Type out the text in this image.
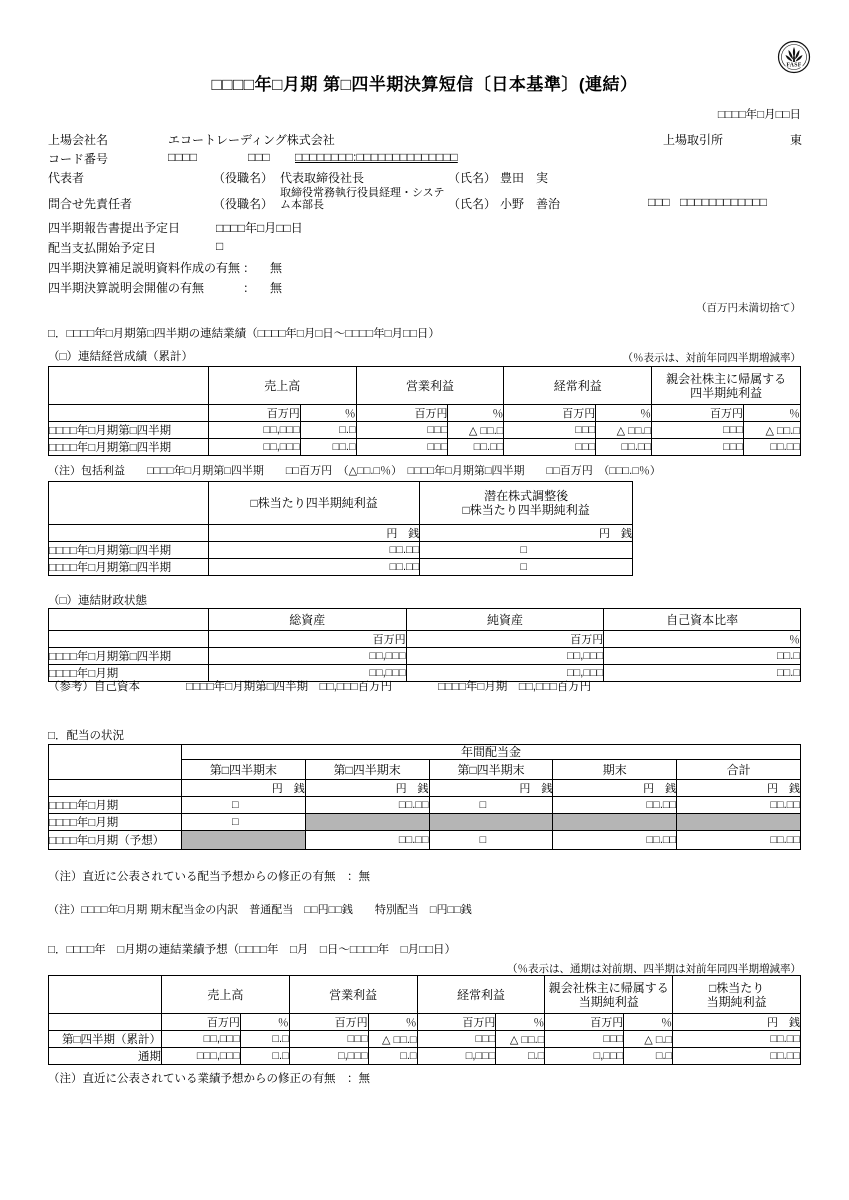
FASF
□□□□年□月期 第□四半期決算短信〔日本基準〕(連結）
□□□□年□月□□日
上場会社名	エコートレーディング株式会社	上場取引所	東
コード番号	□□□□	□□□ □□□□□□□□:□□□□□□□□□□□□□□
代表者	（役職名） 代表取締役社長	（氏名） 豊田　実
問合せ先責任者	（役職名）
取締役常務執行役員経理・システム本部長	（氏名） 小野　善治	□□□ □□□□□□□□□□□□
四半期報告書提出予定日	□□□□年□月□□日
配当支払開始予定日	□
四半期決算補足説明資料作成の有無 ： 無
四半期決算説明会開催の有無	： 無
（百万円未満切捨て）
□．□□□□年□月期第□四半期の連結業績（□□□□年□月□日～□□□□年□月□□日）
（□）連結経営成績（累計）	（％表示は、対前年同四半期増減率）
	売上高		営業利益		経常利益		親会社株主に帰属する
四半期純利益	

	百万円	％	百万円	％	百万円	％	百万円	％
□□□□年□月期第□四半期	□□,□□□	□.□	□□□	△ □□.□	□□□	△ □□.□	□□□	△ □□.□
□□□□年□月期第□四半期	□□,□□□	□□.□	□□□	□□.□□	□□□	□□.□□	□□□	□□.□□
（注）包括利益　　□□□□年□月期第□四半期　　□□百万円　（△□□.□％）　□□□□年□月期第□四半期　　□□百万円　（□□□.□％）
	□株当たり四半期純利益	潜在株式調整後
□株当たり四半期純利益

	円　銭	円　銭
□□□□年□月期第□四半期	□□.□□	□
□□□□年□月期第□四半期	□□.□□	□
（□）連結財政状態
	総資産	純資産	自己資本比率
	百万円	百万円	％
□□□□年□月期第□四半期	□□,□□□	□□,□□□	□□.□
□□□□年□月期	□□,□□□	□□,□□□	□□.□
（参考）自己資本　　　　□□□□年□月期第□四半期　□□,□□□百万円　　　　□□□□年□月期　□□,□□□百万円
□．配当の状況
	年間配当金				
	第□四半期末	第□四半期末	第□四半期末	期末	合計
	円　銭	円　銭	円　銭	円　銭	円　銭
□□□□年□月期	□	□□.□□	□	□□.□□	□□.□□
□□□□年□月期	□				
□□□□年□月期（予想）		□□.□□	□	□□.□□	□□.□□
（注）直近に公表されている配当予想からの修正の有無　：無
（注）□□□□年□月期 期末配当金の内訳　普通配当　□□円□□銭　　特別配当　□円□□銭
□．□□□□年　□月期の連結業績予想（□□□□年　□月　□日～□□□□年　□月□□日）
（％表示は、通期は対前期、四半期は対前年同四半期増減率）
	売上高	営業利益	経常利益	親会社株主に帰属する
当期純利益

□株当たり
当期純利益

	百万円	％	百万円	％	百万円	％	百万円	％	円　銭
第□四半期（累計）	□□,□□□	□.□	□□□	△ □□.□	□□□	△ □□.□	□□□	△ □.□	□□.□□
通期	□□□,□□□	□.□	□,□□□	□.□	□,□□□	□.□	□,□□□	□.□	□□.□□
（注）直近に公表されている業績予想からの修正の有無　：無
